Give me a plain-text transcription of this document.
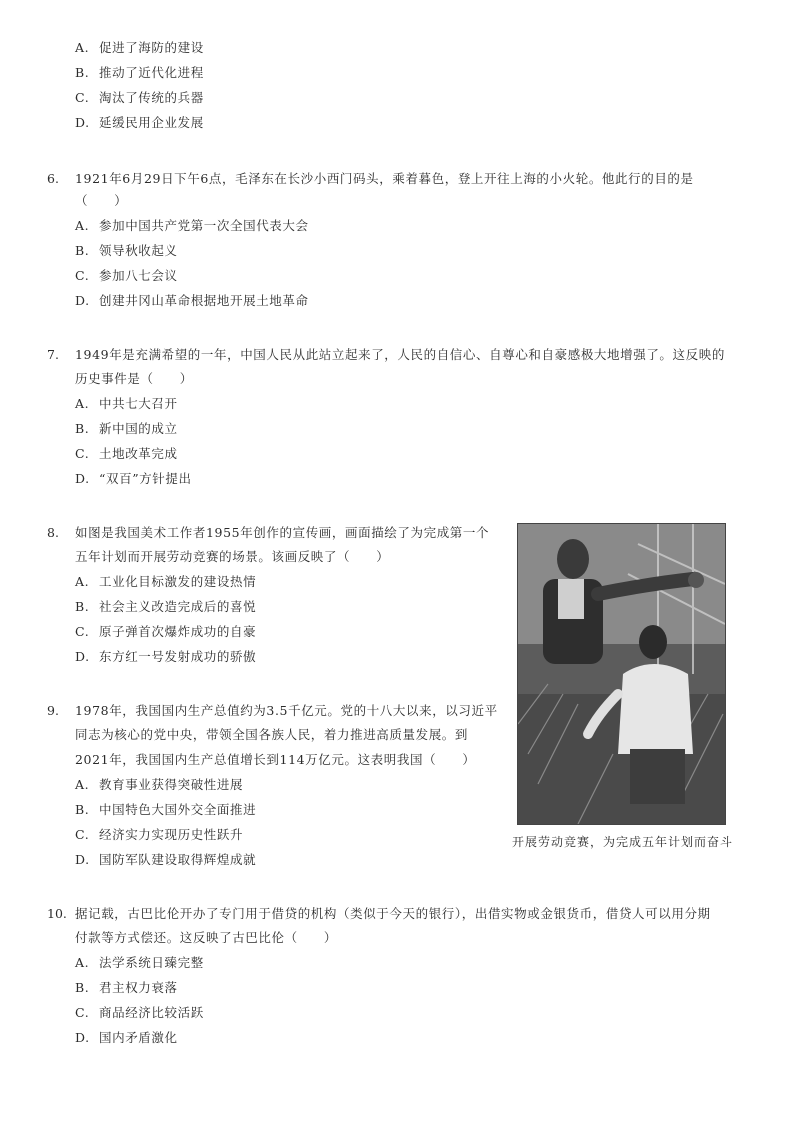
A. 促进了海防的建设
B. 推动了近代化进程
C. 淘汰了传统的兵器
D. 延缓民用企业发展
6. 1921年6月29日下午6点，毛泽东在长沙小西门码头，乘着暮色，登上开往上海的小火轮。他此行的目的是
（　　）
A. 参加中国共产党第一次全国代表大会
B. 领导秋收起义
C. 参加八七会议
D. 创建井冈山革命根据地开展土地革命
7. 1949年是充满希望的一年，中国人民从此站立起来了，人民的自信心、自尊心和自豪感极大地增强了。这反映的
历史事件是（　　）
A. 中共七大召开
B. 新中国的成立
C. 土地改革完成
D. “双百”方针提出
8. 如图是我国美术工作者1955年创作的宣传画，画面描绘了为完成第一个
五年计划而开展劳动竞赛的场景。该画反映了（　　）
A. 工业化目标激发的建设热情
B. 社会主义改造完成后的喜悦
C. 原子弹首次爆炸成功的自豪
D. 东方红一号发射成功的骄傲
9. 1978年，我国国内生产总值约为3.5千亿元。党的十八大以来，以习近平
同志为核心的党中央，带领全国各族人民，着力推进高质量发展。到
2021年，我国国内生产总值增长到114万亿元。这表明我国（　　）
A. 教育事业获得突破性进展
B. 中国特色大国外交全面推进
C. 经济实力实现历史性跃升
D. 国防军队建设取得辉煌成就
开展劳动竞赛，为完成五年计划而奋斗
10. 据记载，古巴比伦开办了专门用于借贷的机构（类似于今天的银行），出借实物或金银货币，借贷人可以用分期
付款等方式偿还。这反映了古巴比伦（　　）
A. 法学系统日臻完整
B. 君主权力衰落
C. 商品经济比较活跃
D. 国内矛盾激化
